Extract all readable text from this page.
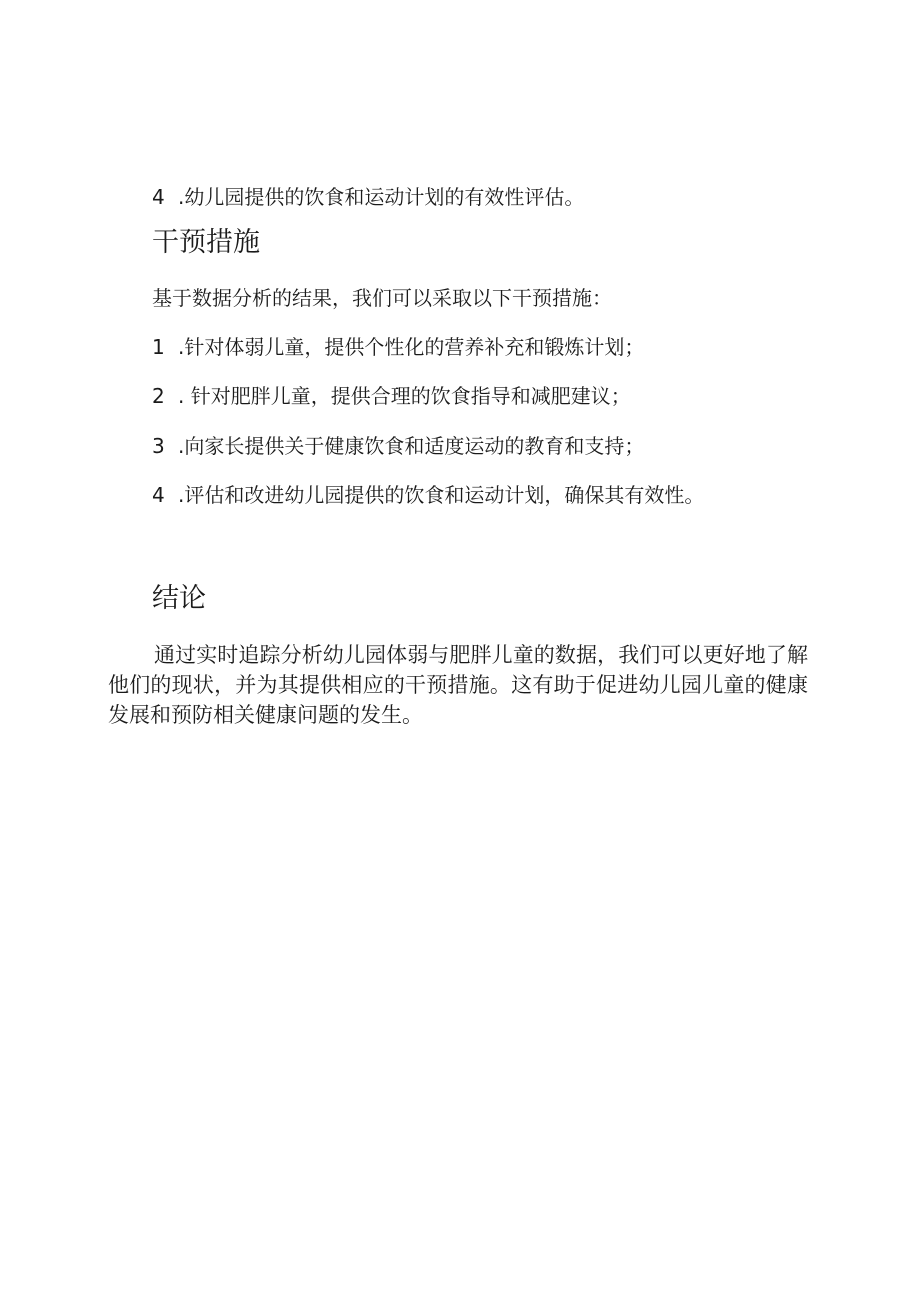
4 .幼儿园提供的饮食和运动计划的有效性评估。
干预措施
基于数据分析的结果，我们可以采取以下干预措施：
1 .针对体弱儿童，提供个性化的营养补充和锻炼计划；
2 . 针对肥胖儿童，提供合理的饮食指导和减肥建议；
3 .向家长提供关于健康饮食和适度运动的教育和支持；
4 .评估和改进幼儿园提供的饮食和运动计划，确保其有效性。
结论
通过实时追踪分析幼儿园体弱与肥胖儿童的数据，我们可以更好地了解他们的现状，并为其提供相应的干预措施。这有助于促进幼儿园儿童的健康发展和预防相关健康问题的发生。
